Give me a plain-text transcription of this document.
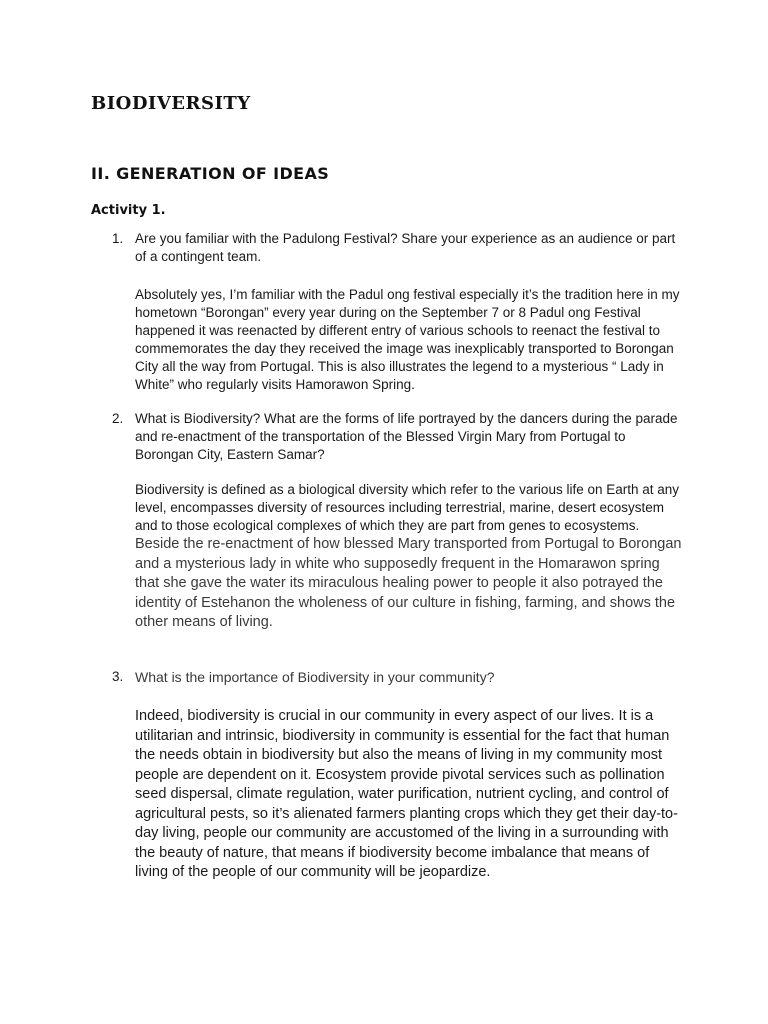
BIODIVERSITY
II. GENERATION OF IDEAS
Activity 1.
1. Are you familiar with the Padulong Festival? Share your experience as an audience or part of a contingent team.

Absolutely yes, I’m familiar with the Padul ong festival especially it’s the tradition here in my hometown “Borongan” every year during on the September 7 or 8 Padul ong Festival happened it was reenacted by different entry of various schools to reenact the festival to commemorates the day they received the image was inexplicably transported to Borongan City all the way from Portugal. This is also illustrates the legend to a mysterious “ Lady in White” who regularly visits Hamorawon Spring.

2. What is Biodiversity? What are the forms of life portrayed by the dancers during the parade and re-enactment of the transportation of the Blessed Virgin Mary from Portugal to Borongan City, Eastern Samar?

Biodiversity is defined as a biological diversity which refer to the various life on Earth at any level, encompasses diversity of resources including terrestrial, marine, desert ecosystem and to those ecological complexes of which they are part from genes to ecosystems.

Beside the re-enactment of how blessed Mary transported from Portugal to Borongan and a mysterious lady in white who supposedly frequent in the Homarawon spring that she gave the water its miraculous healing power to people it also potrayed the identity of Estehanon the wholeness of our culture in fishing, farming, and shows the other means of living.

3. What is the importance of Biodiversity in your community?

Indeed, biodiversity is crucial in our community in every aspect of our lives. It is a utilitarian and intrinsic, biodiversity in community is essential for the fact that human the needs obtain in biodiversity but also the means of living in my community most people are dependent on it. Ecosystem provide pivotal services such as pollination seed dispersal, climate regulation, water purification, nutrient cycling, and control of agricultural pests, so it’s alienated farmers planting crops which they get their day-to-day living, people our community are accustomed of the living in a surrounding with the beauty of nature, that means if biodiversity become imbalance that means of living of the people of our community will be jeopardize.
